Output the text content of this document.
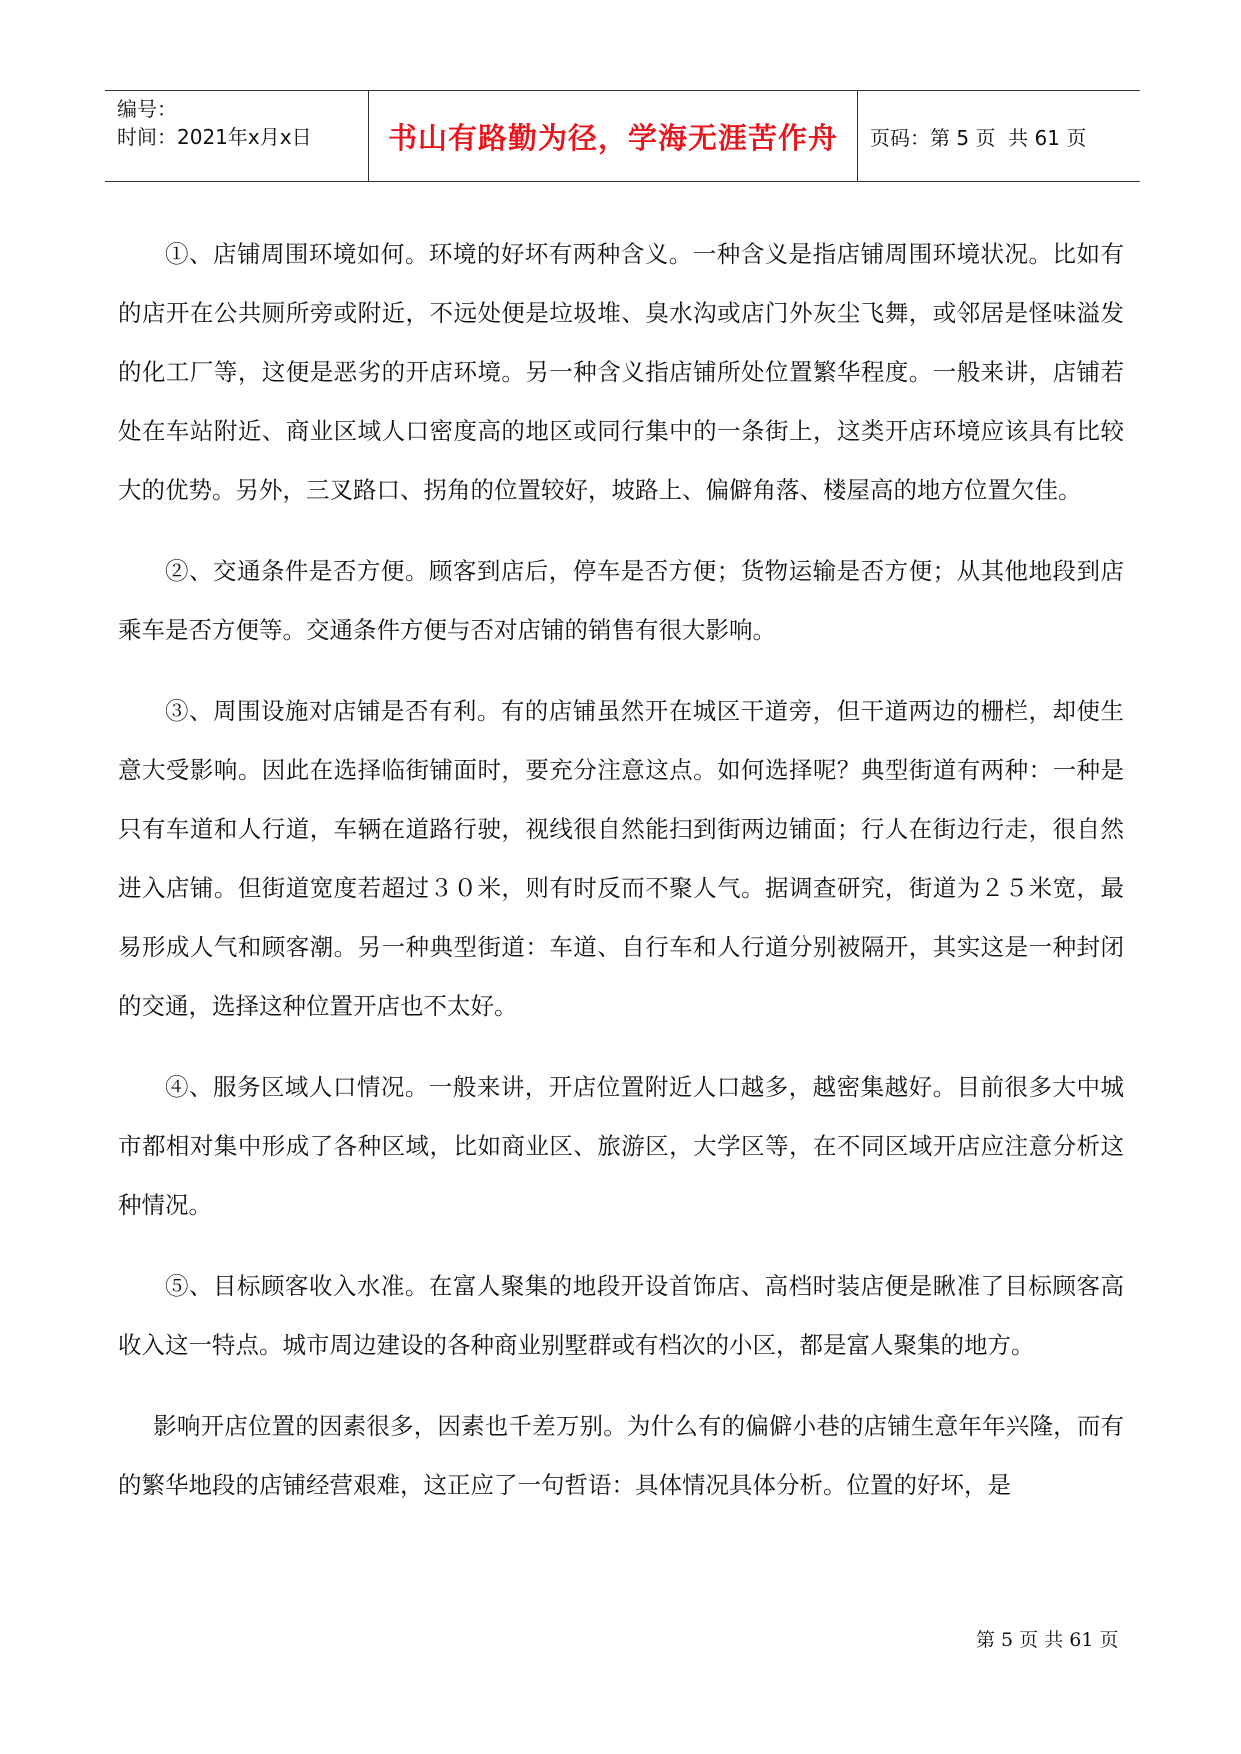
编号：
时间：2021年x月x日	书山有路勤为径，学海无涯苦作舟 页码：第 5 页  共 61 页

①、店铺周围环境如何。环境的好坏有两种含义。一种含义是指店铺周围环境状况。比如有的店开在公共厕所旁或附近，不远处便是垃圾堆、臭水沟或店门外灰尘飞舞，或邻居是怪味溢发的化工厂等，这便是恶劣的开店环境。另一种含义指店铺所处位置繁华程度。一般来讲，店铺若处在车站附近、商业区域人口密度高的地区或同行集中的一条街上，这类开店环境应该具有比较大的优势。另外，三叉路口、拐角的位置较好，坡路上、偏僻角落、楼屋高的地方位置欠佳。

②、交通条件是否方便。顾客到店后，停车是否方便；货物运输是否方便；从其他地段到店乘车是否方便等。交通条件方便与否对店铺的销售有很大影响。

③、周围设施对店铺是否有利。有的店铺虽然开在城区干道旁，但干道两边的栅栏，却使生意大受影响。因此在选择临街铺面时，要充分注意这点。如何选择呢？典型街道有两种：一种是只有车道和人行道，车辆在道路行驶，视线很自然能扫到街两边铺面；行人在街边行走，很自然进入店铺。但街道宽度若超过３０米，则有时反而不聚人气。据调查研究，街道为２５米宽，最易形成人气和顾客潮。另一种典型街道：车道、自行车和人行道分别被隔开，其实这是一种封闭的交通，选择这种位置开店也不太好。

④、服务区域人口情况。一般来讲，开店位置附近人口越多，越密集越好。目前很多大中城市都相对集中形成了各种区域，比如商业区、旅游区，大学区等，在不同区域开店应注意分析这种情况。

⑤、目标顾客收入水准。在富人聚集的地段开设首饰店、高档时装店便是瞅准了目标顾客高收入这一特点。城市周边建设的各种商业别墅群或有档次的小区，都是富人聚集的地方。

影响开店位置的因素很多，因素也千差万别。为什么有的偏僻小巷的店铺生意年年兴隆，而有的繁华地段的店铺经营艰难，这正应了一句哲语：具体情况具体分析。位置的好坏，是

第 5 页 共 61 页
